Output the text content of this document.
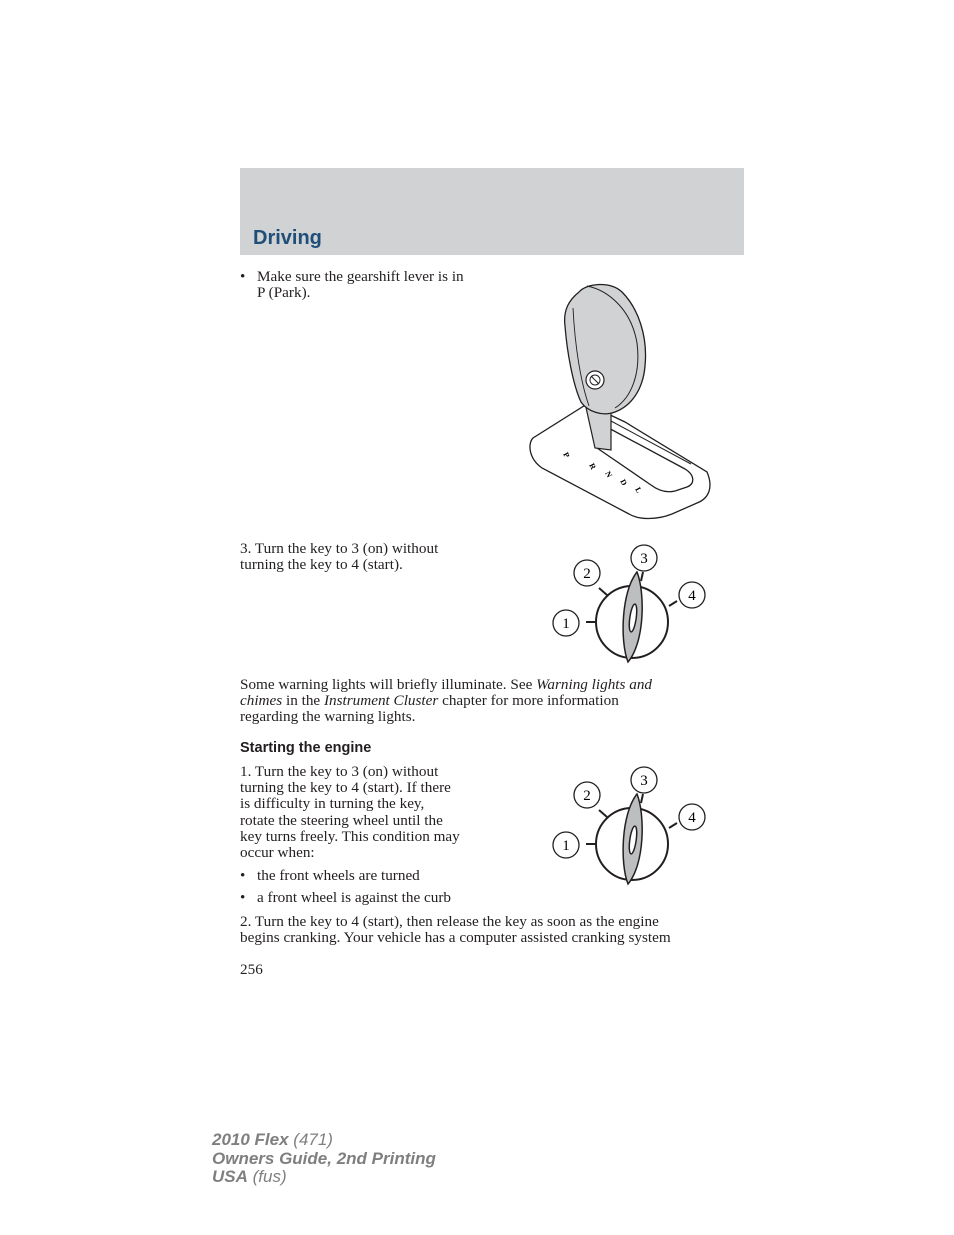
Driving
• Make sure the gearshift lever is in
P (Park).
P
R
N
D
L
3. Turn the key to 3 (on) without
turning the key to 4 (start).	3
2
4
1
Some warning lights will briefly illuminate. See Warning lights and
chimes in the Instrument Cluster chapter for more information
regarding the warning lights.
Starting the engine
1. Turn the key to 3 (on) without
turning the key to 4 (start). If there
is difficulty in turning the key,
rotate the steering wheel until the
key turns freely. This condition may
occur when:
• the front wheels are turned
• a front wheel is against the curb
3
2
4
1
2. Turn the key to 4 (start), then release the key as soon as the engine
begins cranking. Your vehicle has a computer assisted cranking system
256
2010 Flex (471)
Owners Guide, 2nd Printing
USA (fus)
